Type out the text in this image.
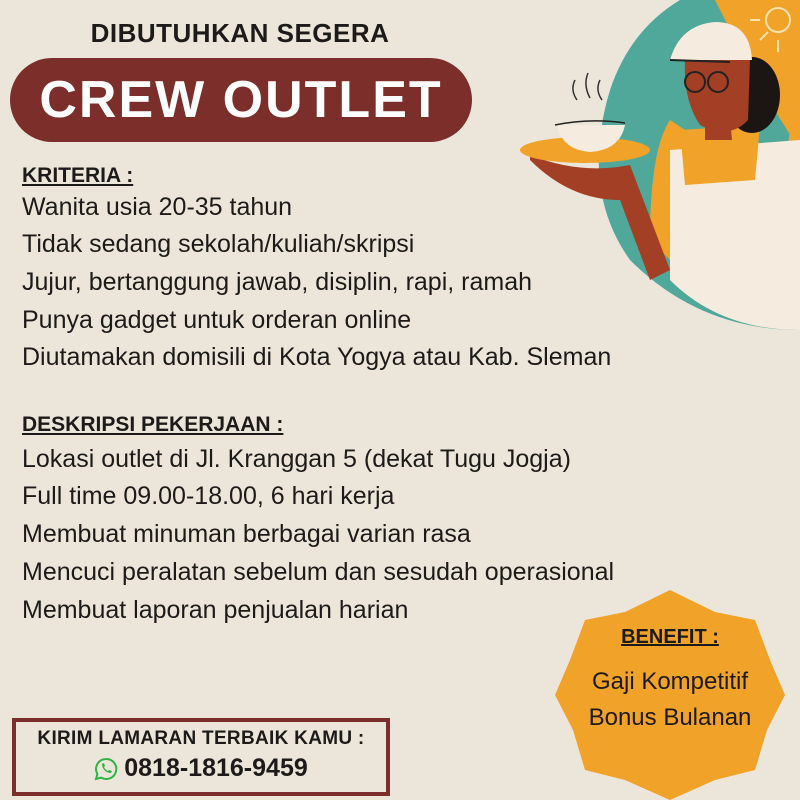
DIBUTUHKAN SEGERA
CREW OUTLET
KRITERIA :
Wanita usia 20-35 tahun
Tidak sedang sekolah/kuliah/skripsi
Jujur, bertanggung jawab, disiplin, rapi, ramah
Punya gadget untuk orderan online
Diutamakan domisili di Kota Yogya atau Kab. Sleman
DESKRIPSI PEKERJAAN :
Lokasi outlet di Jl. Kranggan 5 (dekat Tugu Jogja)
Full time 09.00-18.00, 6 hari kerja
Membuat minuman berbagai varian rasa
Mencuci peralatan sebelum dan sesudah operasional
Membuat laporan penjualan harian
BENEFIT :
Gaji Kompetitif
Bonus Bulanan
KIRIM LAMARAN TERBAIK KAMU :
0818-1816-9459
